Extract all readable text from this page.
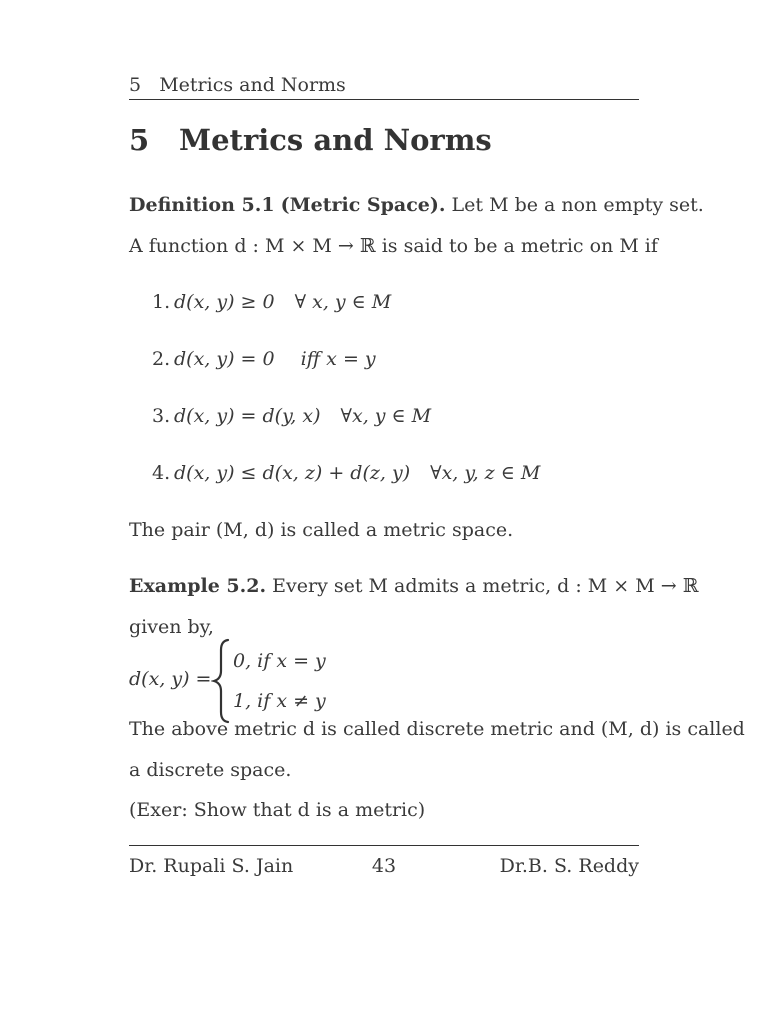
5   Metrics and Norms
5 Metrics and Norms
Definition 5.1 (Metric Space). Let M be a non empty set.
A function d : M × M → ℝ is said to be a metric on M if
1. d(x, y) ≥ 0 ∀ x, y ∈ M
2. d(x, y) = 0 iff x = y
3. d(x, y) = d(y, x) ∀x, y ∈ M
4. d(x, y) ≤ d(x, z) + d(z, y) ∀x, y, z ∈ M
The pair (M, d) is called a metric space.
Example 5.2. Every set M admits a metric, d : M × M → ℝ
given by,
d(x, y) =
0, if x = y
1, if x ≠ y
The above metric d is called discrete metric and (M, d) is called
a discrete space.
(Exer: Show that d is a metric)
Dr. Rupali S. Jain	43	Dr.B. S. Reddy
